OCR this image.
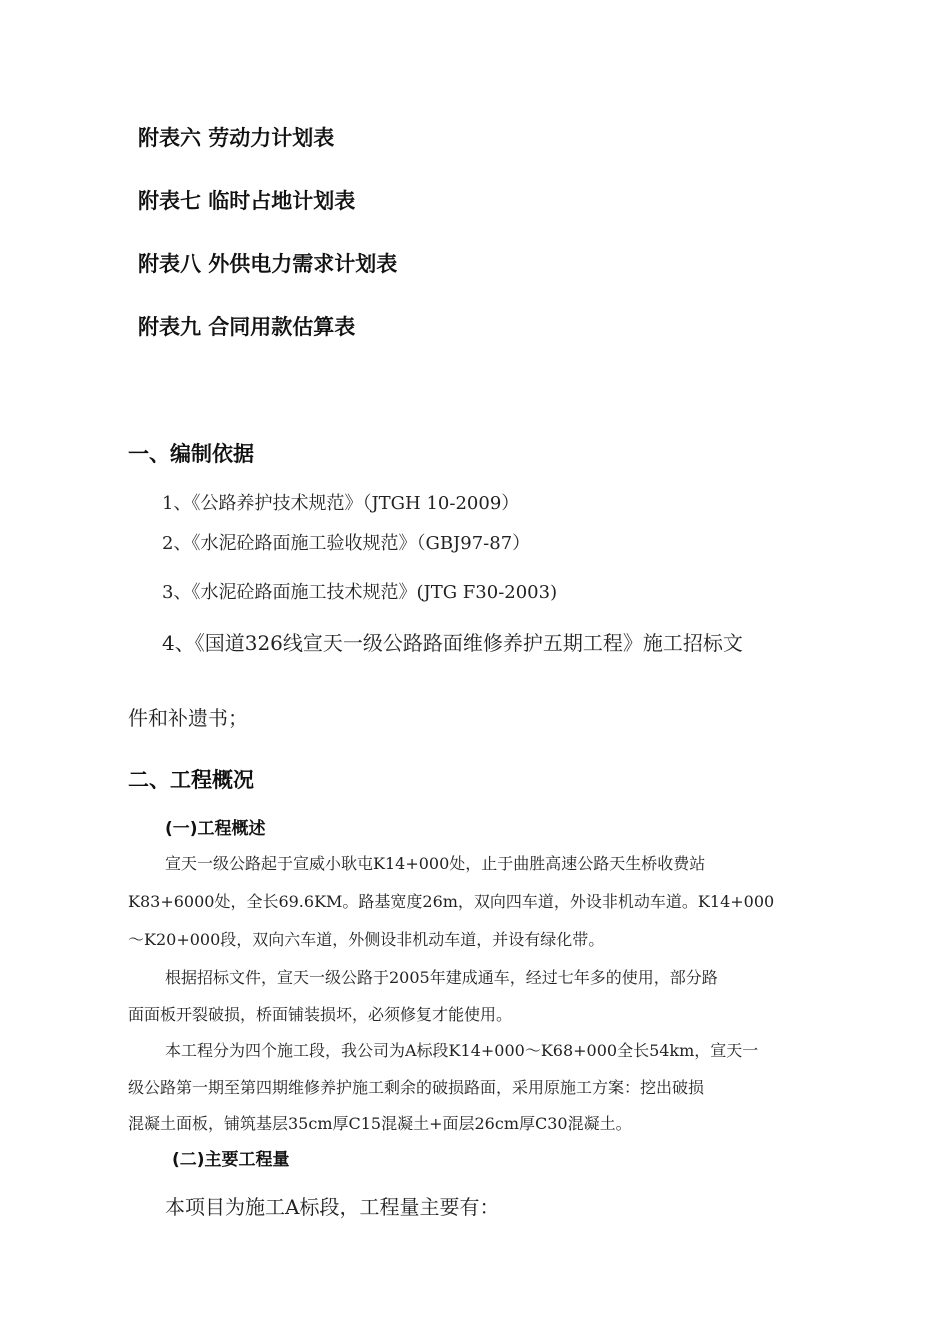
附表六 劳动力计划表
附表七 临时占地计划表
附表八 外供电力需求计划表
附表九 合同用款估算表
一、编制依据
1、《公路养护技术规范》（JTGH 10-2009）
2、《水泥砼路面施工验收规范》（GBJ97-87）
3、《水泥砼路面施工技术规范》(JTG F30-2003)
4、《国道326线宣天一级公路路面维修养护五期工程》施工招标文
件和补遗书；
二、工程概况
(一)工程概述
宣天一级公路起于宣威小耿屯K14+000处，止于曲胜高速公路天生桥收费站
K83+6000处，全长69.6KM。路基宽度26m，双向四车道，外设非机动车道。K14+000
～K20+000段，双向六车道，外侧设非机动车道，并设有绿化带。
根据招标文件，宣天一级公路于2005年建成通车，经过七年多的使用，部分路
面面板开裂破损，桥面铺装损坏，必须修复才能使用。
本工程分为四个施工段，我公司为A标段K14+000～K68+000全长54km，宣天一
级公路第一期至第四期维修养护施工剩余的破损路面，采用原施工方案：挖出破损
混凝土面板，铺筑基层35cm厚C15混凝土+面层26cm厚C30混凝土。
(二)主要工程量
本项目为施工A标段，工程量主要有：
